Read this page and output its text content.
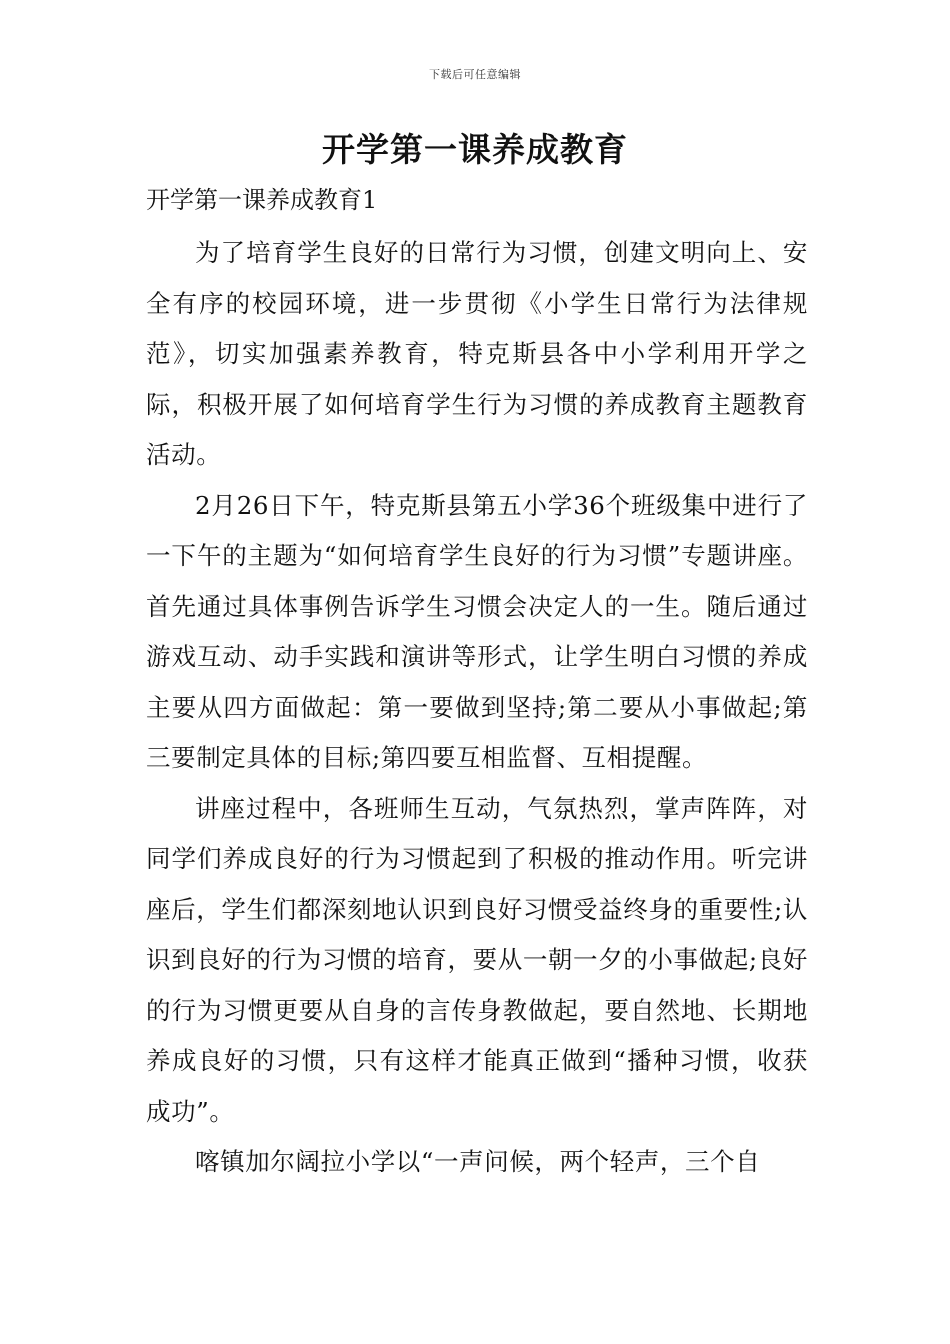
下载后可任意编辑
开学第一课养成教育

开学第一课养成教育1

为了培育学生良好的日常行为习惯，创建文明向上、安全有序的校园环境，进一步贯彻《小学生日常行为法律规范》，切实加强素养教育，特克斯县各中小学利用开学之际，积极开展了如何培育学生行为习惯的养成教育主题教育活动。

2月26日下午，特克斯县第五小学36个班级集中进行了一下午的主题为“如何培育学生良好的行为习惯”专题讲座。首先通过具体事例告诉学生习惯会决定人的一生。随后通过游戏互动、动手实践和演讲等形式，让学生明白习惯的养成主要从四方面做起：第一要做到坚持;第二要从小事做起;第三要制定具体的目标;第四要互相监督、互相提醒。

讲座过程中，各班师生互动，气氛热烈，掌声阵阵，对同学们养成良好的行为习惯起到了积极的推动作用。听完讲座后，学生们都深刻地认识到良好习惯受益终身的重要性;认识到良好的行为习惯的培育，要从一朝一夕的小事做起;良好的行为习惯更要从自身的言传身教做起，要自然地、长期地养成良好的习惯，只有这样才能真正做到“播种习惯，收获成功”。

喀镇加尔阔拉小学以“一声问候，两个轻声，三个自
